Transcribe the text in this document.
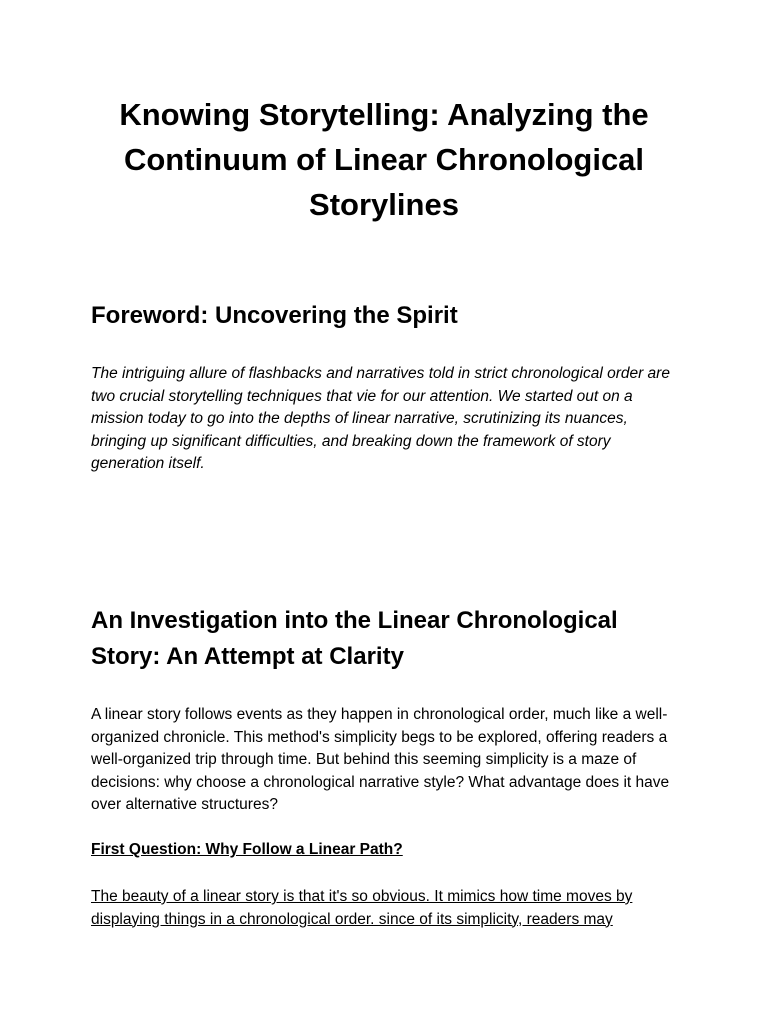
Knowing Storytelling: Analyzing the Continuum of Linear Chronological Storylines
Foreword: Uncovering the Spirit

The intriguing allure of flashbacks and narratives told in strict chronological order are two crucial storytelling techniques that vie for our attention. We started out on a mission today to go into the depths of linear narrative, scrutinizing its nuances, bringing up significant difficulties, and breaking down the framework of story generation itself.

An Investigation into the Linear Chronological Story: An Attempt at Clarity

A linear story follows events as they happen in chronological order, much like a well-organized chronicle. This method's simplicity begs to be explored, offering readers a well-organized trip through time. But behind this seeming simplicity is a maze of decisions: why choose a chronological narrative style? What advantage does it have over alternative structures?

First Question: Why Follow a Linear Path?

The beauty of a linear story is that it's so obvious. It mimics how time moves by displaying things in a chronological order. since of its simplicity, readers may
